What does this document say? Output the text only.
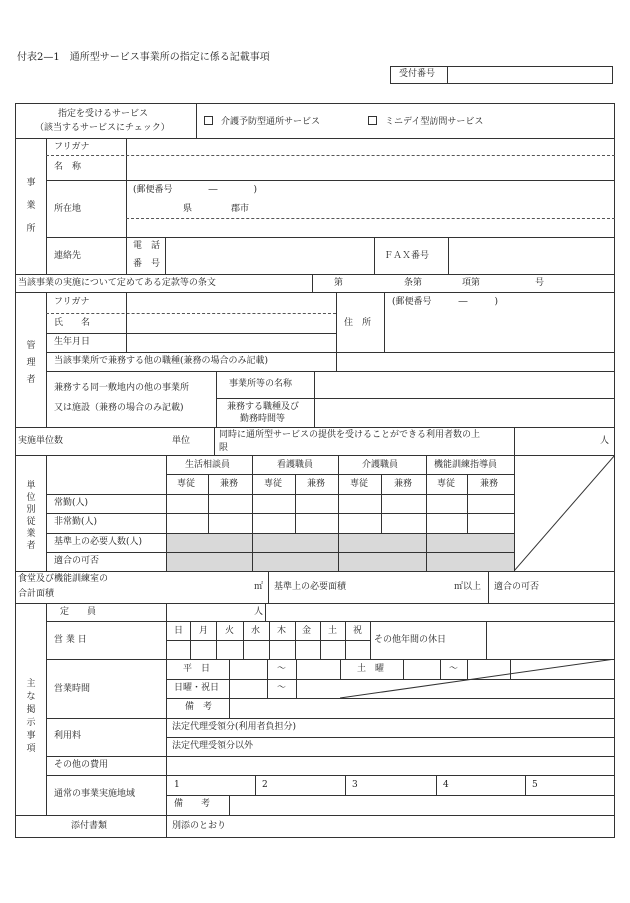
付表2—1　通所型サービス事業所の指定に係る記載事項
受付番号
指定を受けるサービス
（該当するサービスにチェック）
介護予防型通所サービス	ミニデイ型訪問サービス
事業所
フリガナ
名　称
所在地
(郵便番号　　　　―　　　　)
県	郡市
連絡先
電　話
番　号
ＦＡＸ番号
当該事業の実施について定めてある定款等の条文	第	条第	項第	号
管理者
フリガナ
氏　　名	住　所
(郵便番号　　　―　　　)
生年月日
当該事業所で兼務する他の職種(兼務の場合のみ記載)
兼務する同一敷地内の他の事業所
又は施設（兼務の場合のみ記載)
事業所等の名称
兼務する職種及び
勤務時間等
実施単位数	単位
同時に通所型サービスの提供を受けることができる利用者数の上
限
人
単位別従業者
生活相談員	看護職員	介護職員	機能訓練指導員
専従	兼務	専従	兼務	専従	兼務	専従	兼務
常勤(人)
非常勤(人)
基準上の必要人数(人)
適合の可否
食堂及び機能訓練室の
合計面積
㎡ 基準上の必要面積	㎡以上 適合の可否
主な掲示事項
定　　員	人
営 業 日
日 月 火 水 木 金 土 祝
その他年間の休日
営業時間
平　日	～	土　曜	～
日曜・祝日	～
備　考
利用料
法定代理受領分(利用者負担分)
法定代理受領分以外
その他の費用
通常の事業実施地域
1	2	3	4	5
備　　考
添付書類	別添のとおり
